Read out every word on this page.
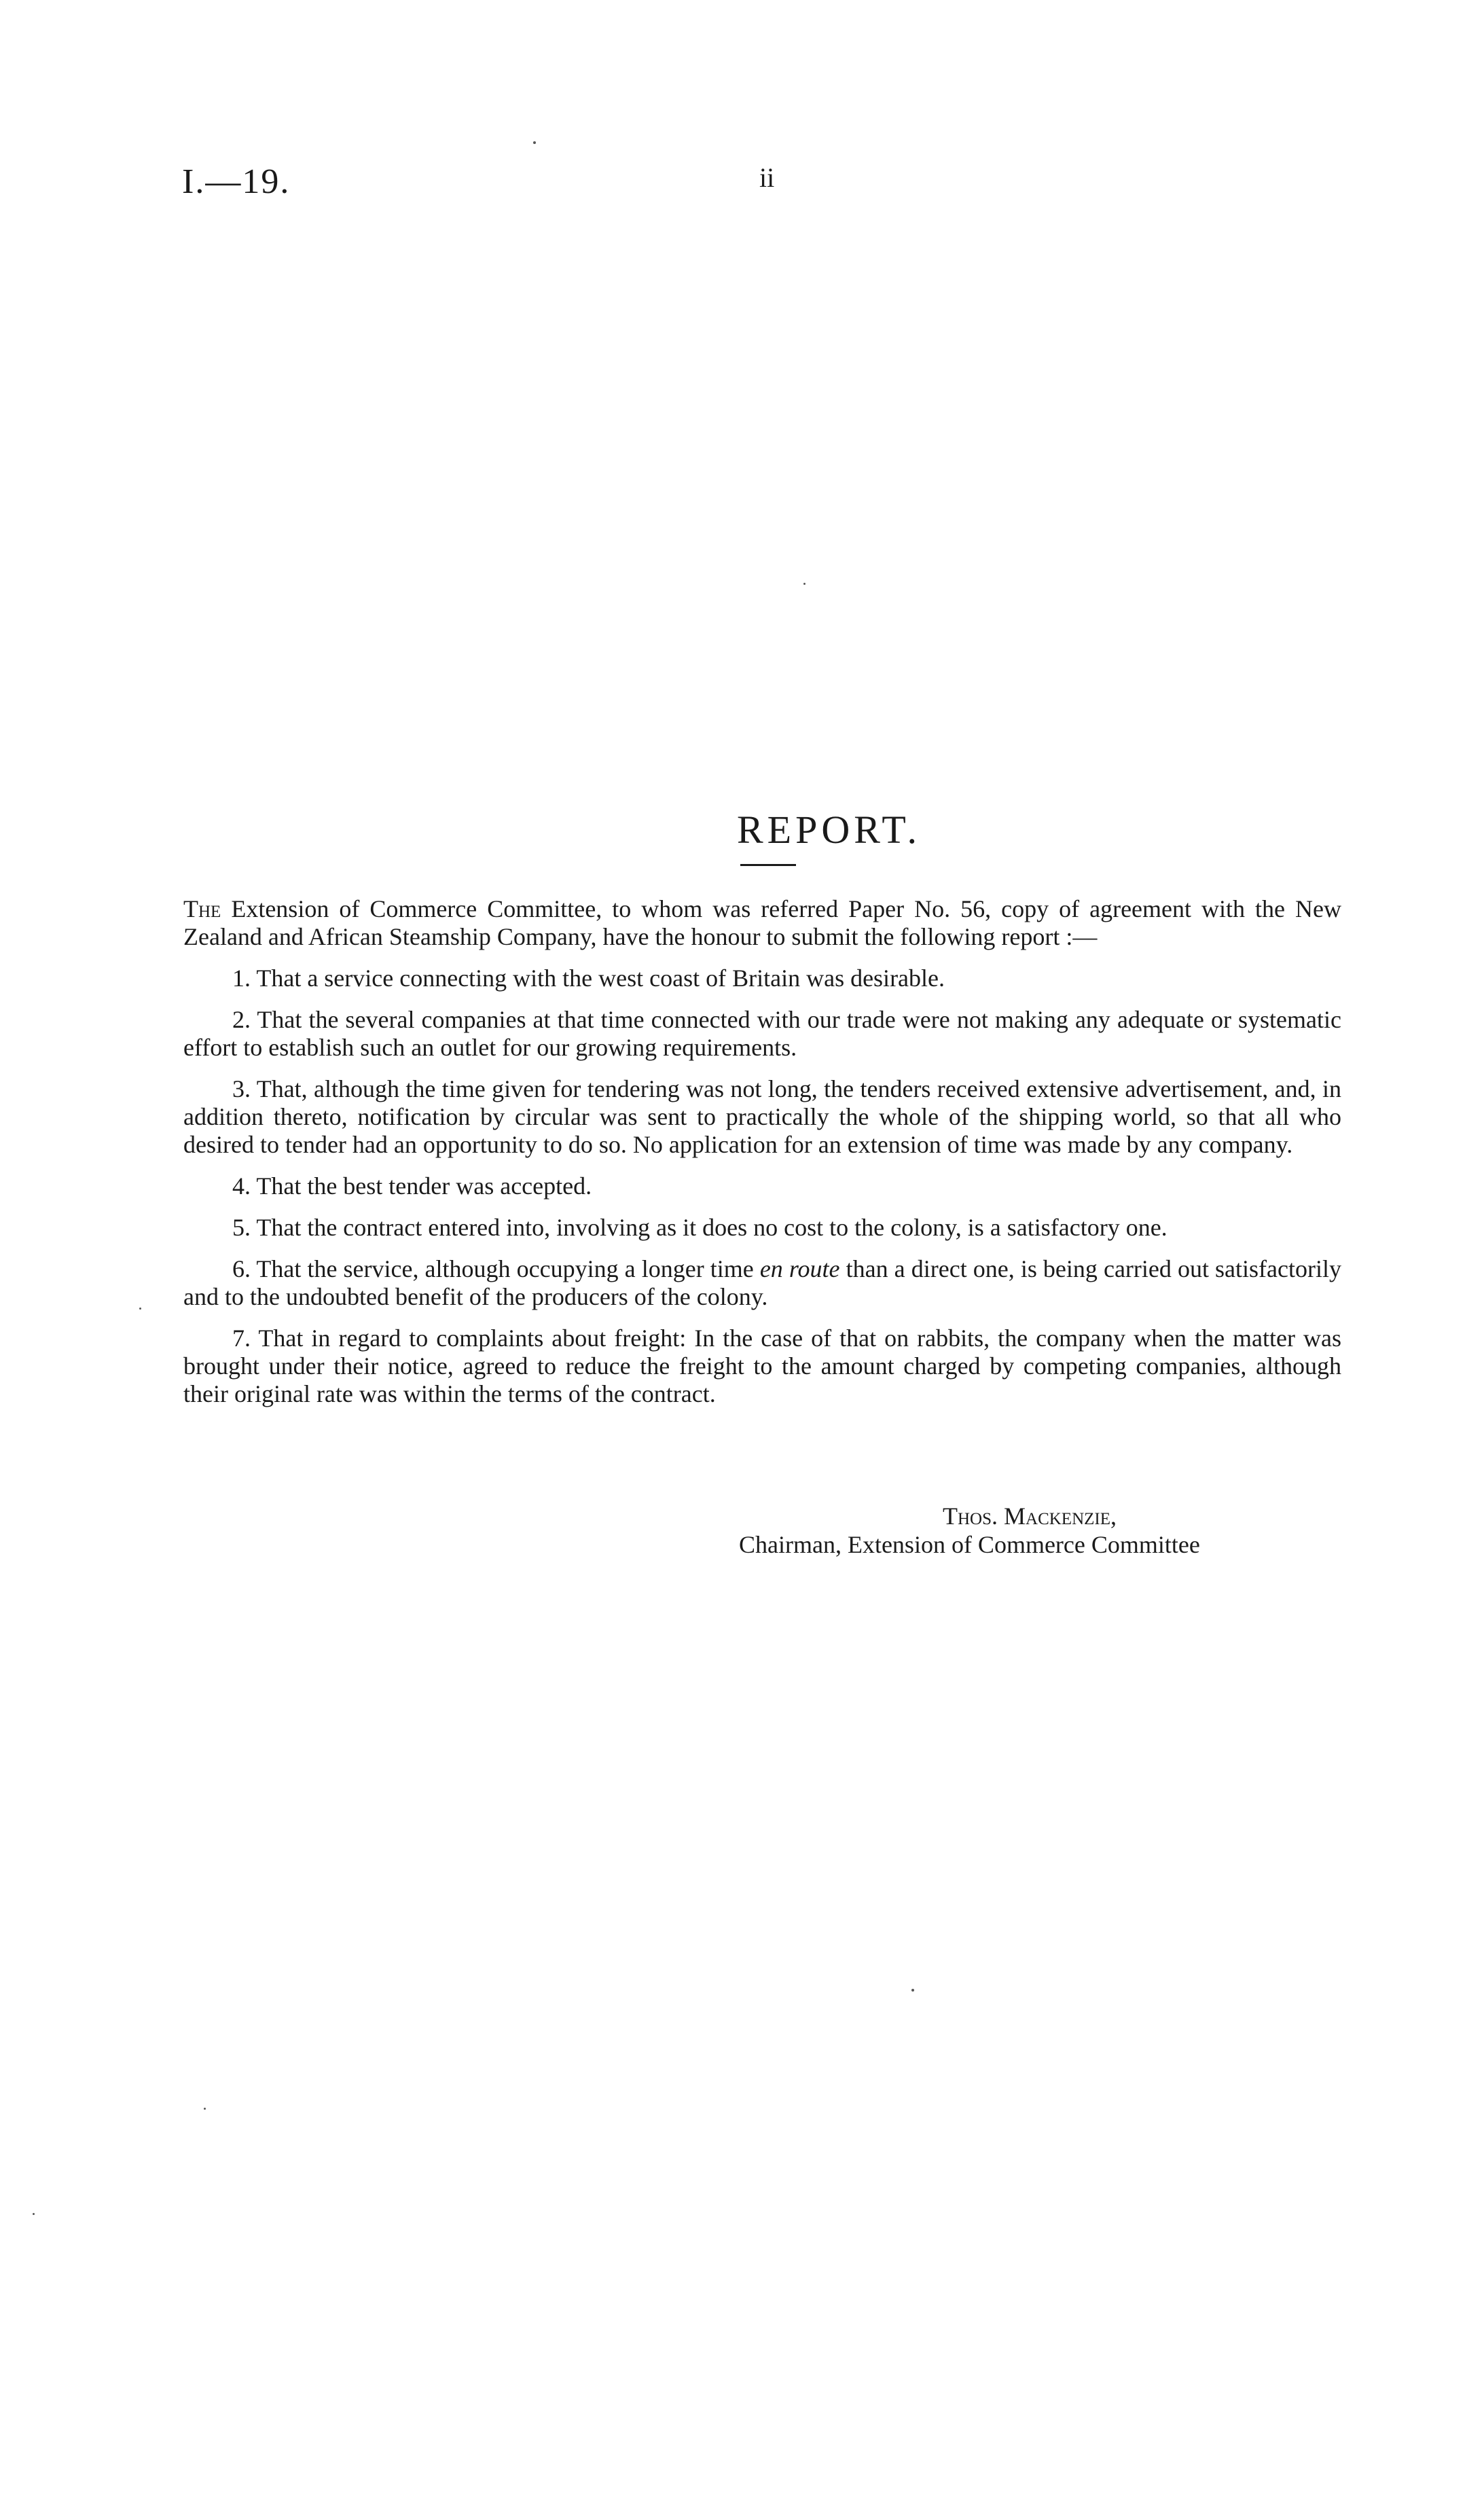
I.—19.	ii
REPORT.

The Extension of Commerce Committee, to whom was referred Paper No. 56, copy of agreement with the New Zealand and African Steamship Company, have the honour to submit the following report :—

1. That a service connecting with the west coast of Britain was desirable.

2. That the several companies at that time connected with our trade were not making any adequate or systematic effort to establish such an outlet for our growing requirements.

3. That, although the time given for tendering was not long, the tenders received extensive advertisement, and, in addition thereto, notification by circular was sent to practically the whole of the shipping world, so that all who desired to tender had an opportunity to do so. No application for an extension of time was made by any company.

4. That the best tender was accepted.

5. That the contract entered into, involving as it does no cost to the colony, is a satisfactory one.

6. That the service, although occupying a longer time en route than a direct one, is being carried out satisfactorily and to the undoubted benefit of the producers of the colony.

7. That in regard to complaints about freight: In the case of that on rabbits, the company when the matter was brought under their notice, agreed to reduce the freight to the amount charged by competing companies, although their original rate was within the terms of the contract.

Thos. Mackenzie,
Chairman, Extension of Commerce Committee
